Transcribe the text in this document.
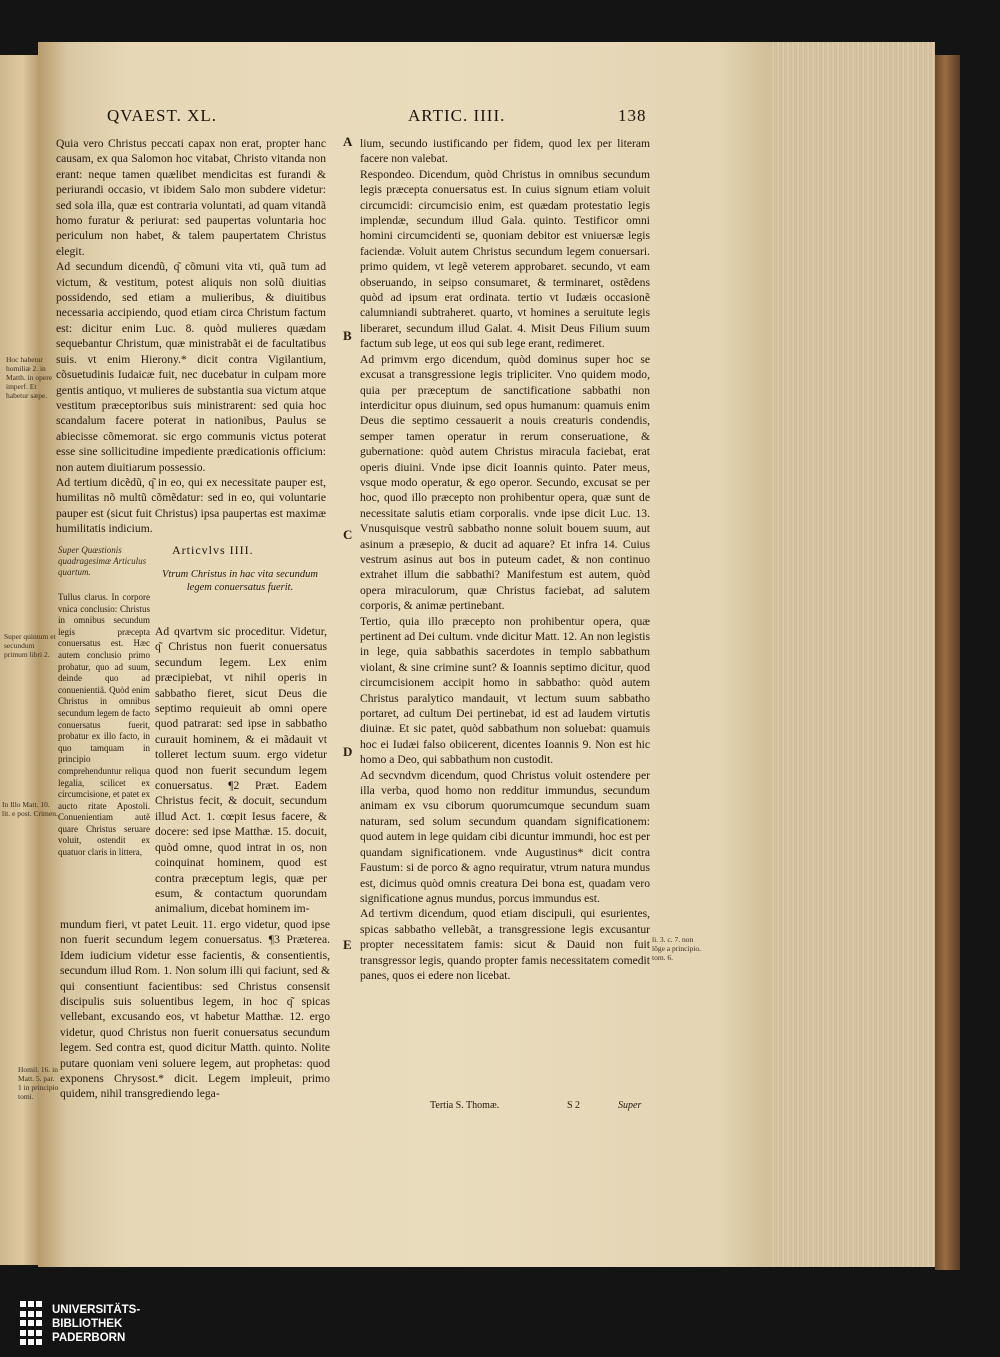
QVAEST. XL.	ARTIC. IIII.	138

Quia vero Christus peccati capax non erat, propter hanc causam, ex qua Salomon hoc vitabat, Christo vitanda non erant: neque tamen quælibet mendicitas est furandi & periurandi occasio, vt ibidem Salo mon subdere videtur: sed sola illa, quæ est contraria voluntati, ad quam vitandã homo furatur & periurat: sed paupertas voluntaria hoc periculum non habet, & talem paupertatem Christus elegit.

Ad secundum dicendũ, q͂ cõmuni vita vti, quã tum ad victum, & vestitum, potest aliquis non solũ diuitias possidendo, sed etiam a mulieribus, & diuitibus necessaria accipiendo, quod etiam circa Christum factum est: dicitur enim Luc. 8. quòd mulieres quædam sequebantur Christum, quæ ministrabãt ei de facultatibus suis. vt enim Hierony.* dicit contra Vigilantium, cõsuetudinis Iudaicæ fuit, nec ducebatur in culpam more gentis antiquo, vt mulieres de substantia sua victum atque vestitum præceptoribus suis ministrarent: sed quia hoc scandalum facere poterat in nationibus, Paulus se abiecisse cõmemorat. sic ergo communis victus poterat esse sine sollicitudine impediente prædicationis officium: non autem diuitiarum possessio.

Ad tertium dicẽdũ, q͂ in eo, qui ex necessitate pauper est, humilitas nõ multũ cõmẽdatur: sed in eo, qui voluntarie pauper est (sicut fuit Christus) ipsa paupertas est maximæ humilitatis indicium.

Hoc habetur homiliæ 2. in Matth. in opere imperf. Et habetur sæpe.
In Illo Matt. 10. lit. e post. Crimen.
Homil. 16. in Matt. 5. par. 1 in principio tomi.
Super quintum et secundum primum libri 2.
Super Quæstionis quadragesimæ Articulus quartum.
Tullus clarus. In corpore vnica conclusio: Christus in omnibus secundum legis præcepta conuersatus est. Hæc autem conclusio primo probatur, quo ad suum, deinde quo ad conuenientiã. Quòd enim Christus in omnibus secundum legem de facto conuersatus fuerit, probatur ex illo facto, in quo tamquam in principio comprehenduntur reliqua legalia, scilicet ex circumcisione, et patet ex aucto ritate Apostoli. Conuenientiam autẽ quare Christus seruare voluit, ostendit ex quatuor claris in littera,
Articvlvs IIII.
Vtrum Christus in hac vita secundum legem conuersatus fuerit.
Ad qvartvm sic proceditur. Videtur, q͂ Christus non fuerit conuersatus secundum legem. Lex enim præcipiebat, vt nihil operis in sabbatho fieret, sicut Deus die septimo requieuit ab omni opere quod patrarat: sed ipse in sabbatho curauit hominem, & ei mãdauit vt tolleret lectum suum. ergo videtur quod non fuerit secundum legem conuersatus. ¶2 Præt. Eadem Christus fecit, & docuit, secundum illud Act. 1. cœpit Iesus facere, & docere: sed ipse Matthæ. 15. docuit, quòd omne, quod intrat in os, non coinquinat hominem, quod est contra præceptum legis, quæ per esum, & contactum quorundam animalium, dicebat hominem im-
mundum fieri, vt patet Leuit. 11. ergo videtur, quod ipse non fuerit secundum legem conuersatus. ¶3 Præterea. Idem iudicium videtur esse facientis, & consentientis, secundum illud Rom. 1. Non solum illi qui faciunt, sed & qui consentiunt facientibus: sed Christus consensit discipulis suis soluentibus legem, in hoc q͂ spicas vellebant, excusando eos, vt habetur Matthæ. 12. ergo videtur, quod Christus non fuerit conuersatus secundum legem. Sed contra est, quod dicitur Matth. quinto. Nolite putare quoniam veni soluere legem, aut prophetas: quod exponens Chrysost.* dicit. Legem impleuit, primo quidem, nihil transgrediendo lega-

lium, secundo iustificando per fidem, quod lex per literam facere non valebat.

Respondeo. Dicendum, quòd Christus in omnibus secundum legis præcepta conuersatus est. In cuius signum etiam voluit circumcidi: circumcisio enim, est quædam protestatio legis implendæ, secundum illud Gala. quinto. Testificor omni homini circumcidenti se, quoniam debitor est vniuersæ legis faciendæ. Voluit autem Christus secundum legem conuersari. primo quidem, vt legẽ veterem approbaret. secundo, vt eam obseruando, in seipso consumaret, & terminaret, ostẽdens quòd ad ipsum erat ordinata. tertio vt Iudæis occasionẽ calumniandi subtraheret. quarto, vt homines a seruitute legis liberaret, secundum illud Galat. 4. Misit Deus Filium suum factum sub lege, ut eos qui sub lege erant, redimeret.

Ad primvm ergo dicendum, quòd dominus super hoc se excusat a transgressione legis tripliciter. Vno quidem modo, quia per præceptum de sanctificatione sabbathi non interdicitur opus diuinum, sed opus humanum: quamuis enim Deus die septimo cessauerit a nouis creaturis condendis, semper tamen operatur in rerum conseruatione, & gubernatione: quòd autem Christus miracula faciebat, erat operis diuini. Vnde ipse dicit Ioannis quinto. Pater meus, vsque modo operatur, & ego operor. Secundo, excusat se per hoc, quod illo præcepto non prohibentur opera, quæ sunt de necessitate salutis etiam corporalis. vnde ipse dicit Luc. 13. Vnusquisque vestrũ sabbatho nonne soluit bouem suum, aut asinum a præsepio, & ducit ad aquare? Et infra 14. Cuius vestrum asinus aut bos in puteum cadet, & non continuo extrahet illum die sabbathi? Manifestum est autem, quòd opera miraculorum, quæ Christus faciebat, ad salutem corporis, & animæ pertinebant.

Tertio, quia illo præcepto non prohibentur opera, quæ pertinent ad Dei cultum. vnde dicitur Matt. 12. An non legistis in lege, quia sabbathis sacerdotes in templo sabbathum violant, & sine crimine sunt? & Ioannis septimo dicitur, quod circumcisionem accipit homo in sabbatho: quòd autem Christus paralytico mandauit, vt lectum suum sabbatho portaret, ad cultum Dei pertinebat, id est ad laudem virtutis diuinæ. Et sic patet, quòd sabbathum non soluebat: quamuis hoc ei Iudæi falso obiicerent, dicentes Ioannis 9. Non est hic homo a Deo, qui sabbathum non custodit.

Ad secvndvm dicendum, quod Christus voluit ostendere per illa verba, quod homo non redditur immundus, secundum animam ex vsu ciborum quorumcumque secundum suam naturam, sed solum secundum quandam significationem: quod autem in lege quidam cibi dicuntur immundi, hoc est per quandam significationem. vnde Augustinus* dicit contra Faustum: si de porco & agno requiratur, vtrum natura mundus est, dicimus quòd omnis creatura Dei bona est, quadam vero significatione agnus mundus, porcus immundus est.

Ad tertivm dicendum, quod etiam discipuli, qui esurientes, spicas sabbatho vellebãt, a transgressione legis excusantur propter necessitatem famis: sicut & Dauid non fuit transgressor legis, quando propter famis necessitatem comedit panes, quos ei edere non licebat.

A
B
C
D
E	li. 3. c. 7. non lõge a principio. tom. 6.
Tertia S. Thomæ.	S 2	Super
UNIVERSITÄTS-
BIBLIOTHEK
PADERBORN
